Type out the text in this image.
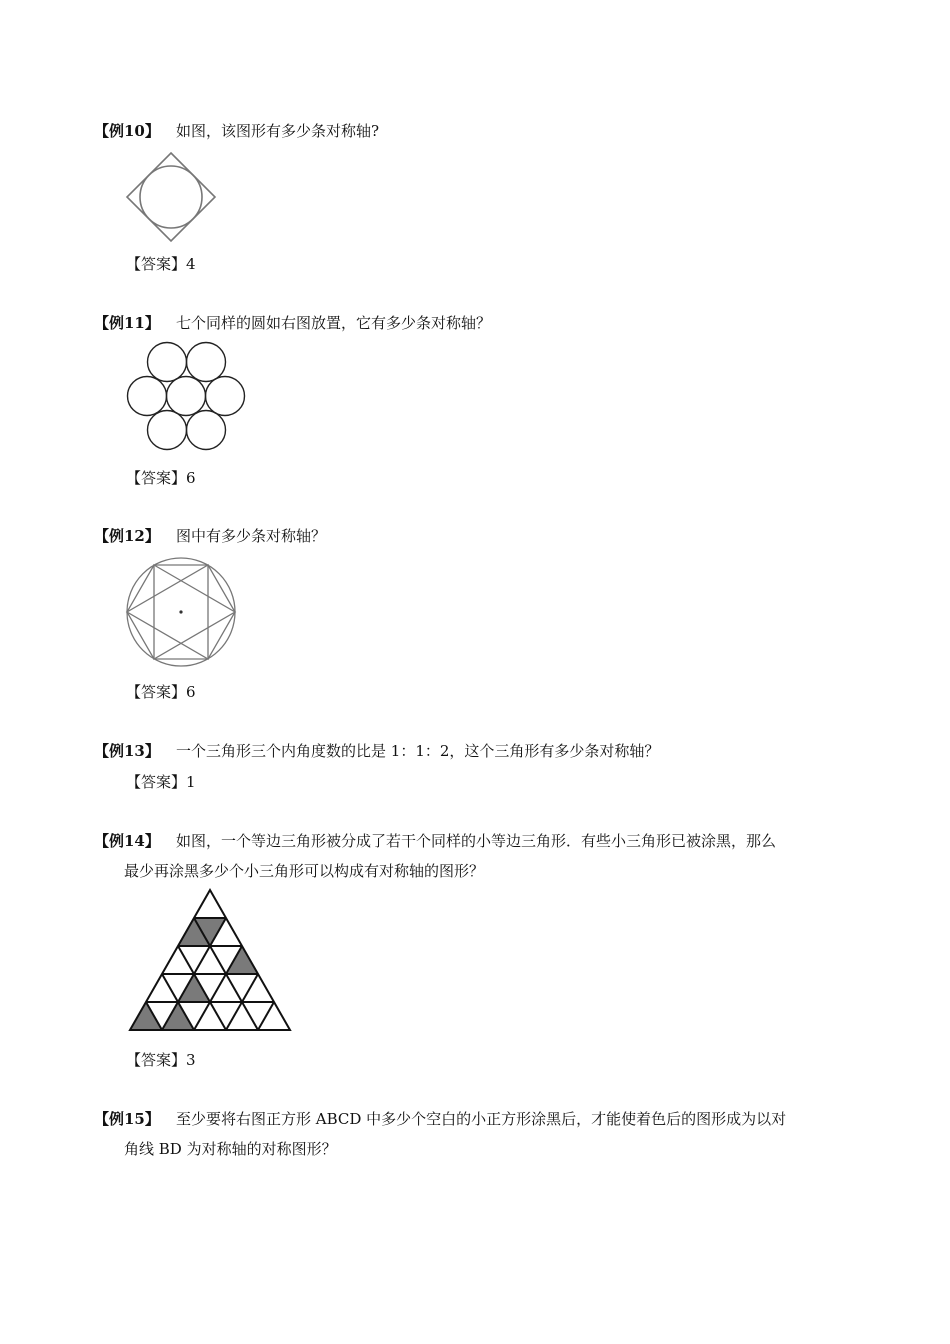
【例10】 如图，该图形有多少条对称轴?
【答案】4
【例11】 七个同样的圆如右图放置，它有多少条对称轴？
【答案】6
【例12】 图中有多少条对称轴？
【答案】6
【例13】 一个三角形三个内角度数的比是 1：1：2，这个三角形有多少条对称轴？
【答案】1
【例14】 如图，一个等边三角形被分成了若干个同样的小等边三角形．有些小三角形已被涂黑，那么
最少再涂黑多少个小三角形可以构成有对称轴的图形？
【答案】3
【例15】 至少要将右图正方形 ABCD 中多少个空白的小正方形涂黑后，才能使着色后的图形成为以对
角线 BD 为对称轴的对称图形？
